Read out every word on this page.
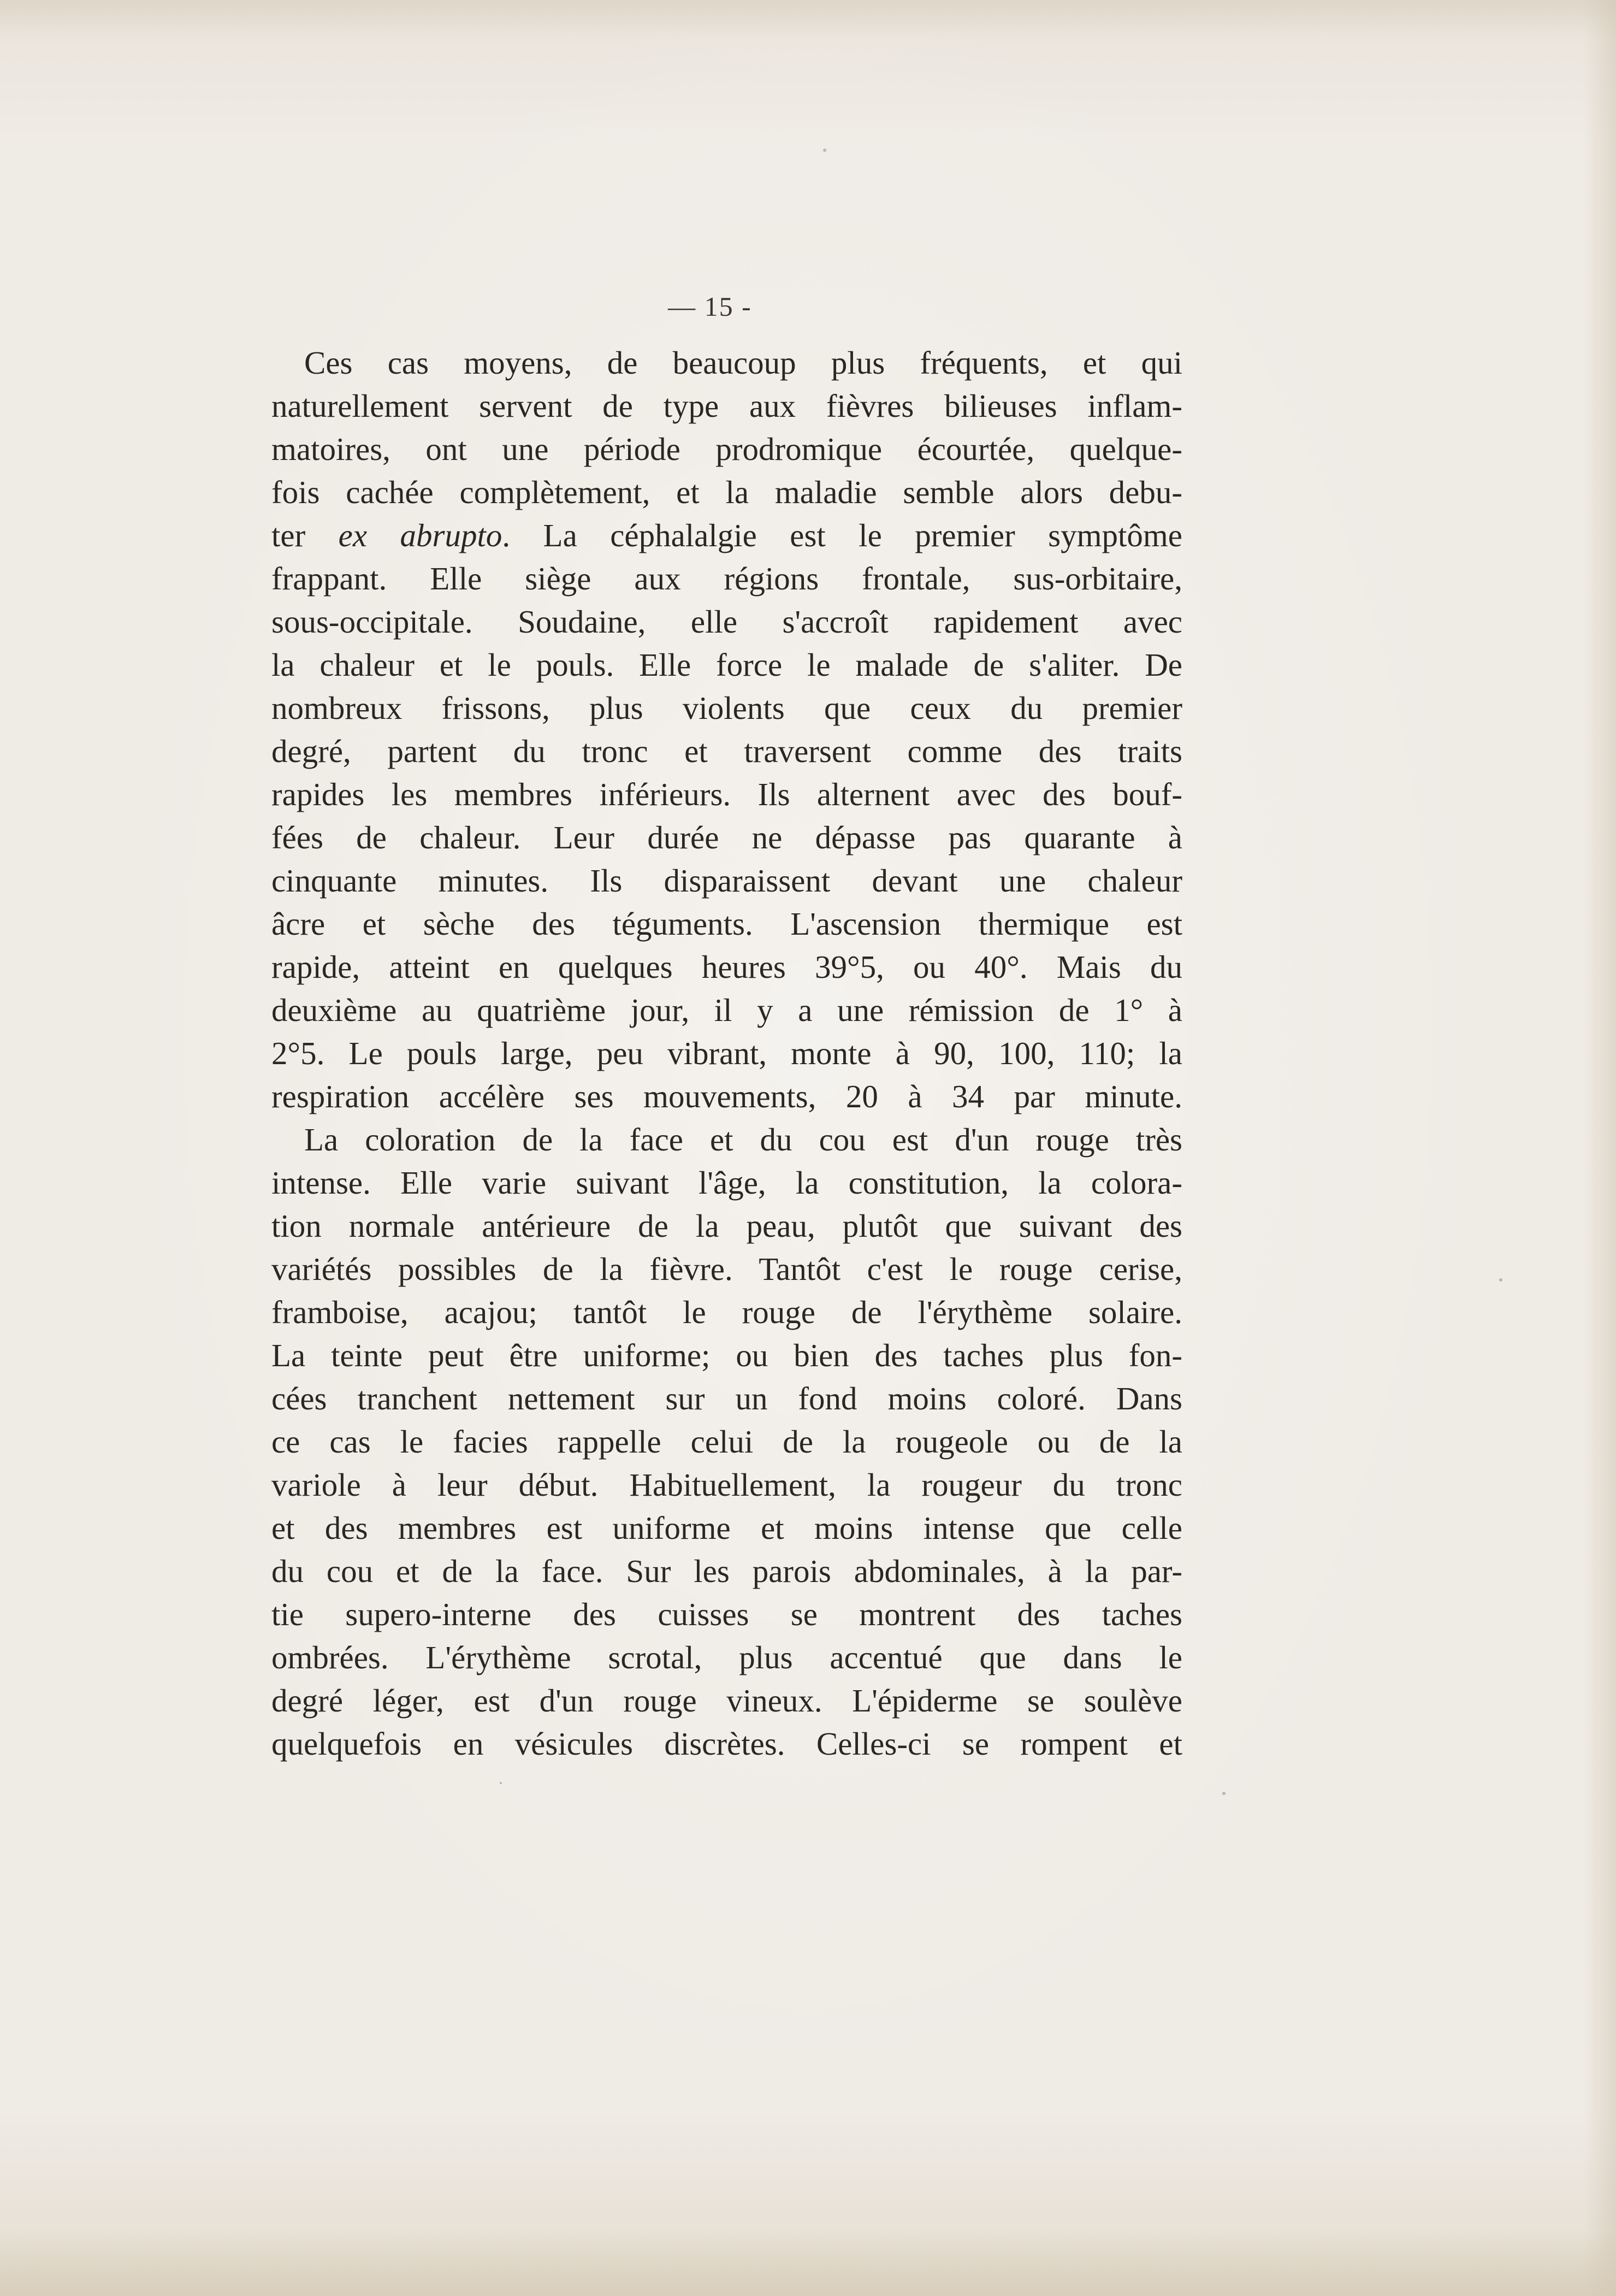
— 15 -
Ces cas moyens, de beaucoup plus fréquents, et qui
naturellement servent de type aux fièvres bilieuses inflam-
matoires, ont une période prodromique écourtée, quelque-
fois cachée complètement, et la maladie semble alors debu-
ter ex abrupto. La céphalalgie est le premier symptôme
frappant. Elle siège aux régions frontale, sus-orbitaire,
sous-occipitale. Soudaine, elle s'accroît rapidement avec
la chaleur et le pouls. Elle force le malade de s'aliter. De
nombreux frissons, plus violents que ceux du premier
degré, partent du tronc et traversent comme des traits
rapides les membres inférieurs. Ils alternent avec des bouf-
fées de chaleur. Leur durée ne dépasse pas quarante à
cinquante minutes. Ils disparaissent devant une chaleur
âcre et sèche des téguments. L'ascension thermique est
rapide, atteint en quelques heures 39°5, ou 40°. Mais du
deuxième au quatrième jour, il y a une rémission de 1° à
2°5. Le pouls large, peu vibrant, monte à 90, 100, 110; la
respiration accélère ses mouvements, 20 à 34 par minute.
La coloration de la face et du cou est d'un rouge très
intense. Elle varie suivant l'âge, la constitution, la colora-
tion normale antérieure de la peau, plutôt que suivant des
variétés possibles de la fièvre. Tantôt c'est le rouge cerise,
framboise, acajou; tantôt le rouge de l'érythème solaire.
La teinte peut être uniforme; ou bien des taches plus fon-
cées tranchent nettement sur un fond moins coloré. Dans
ce cas le facies rappelle celui de la rougeole ou de la
variole à leur début. Habituellement, la rougeur du tronc
et des membres est uniforme et moins intense que celle
du cou et de la face. Sur les parois abdominales, à la par-
tie supero-interne des cuisses se montrent des taches
ombrées. L'érythème scrotal, plus accentué que dans le
degré léger, est d'un rouge vineux. L'épiderme se soulève
quelquefois en vésicules discrètes. Celles-ci se rompent et
